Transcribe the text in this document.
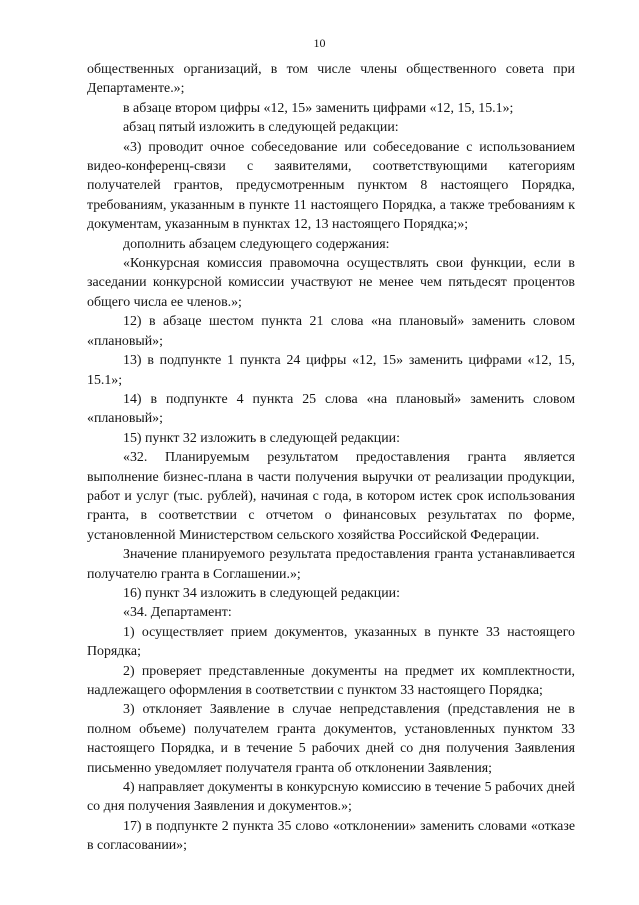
10

общественных организаций, в том числе члены общественного совета при Департаменте.»;

в абзаце втором цифры «12, 15» заменить цифрами «12, 15, 15.1»;

абзац пятый изложить в следующей редакции:

«3) проводит очное собеседование или собеседование с использованием видео-конференц-связи с заявителями, соответствующими категориям получателей грантов, предусмотренным пунктом 8 настоящего Порядка, требованиям, указанным в пункте 11 настоящего Порядка, а также требованиям к документам, указанным в пунктах 12, 13 настоящего Порядка;»;

дополнить абзацем следующего содержания:

«Конкурсная комиссия правомочна осуществлять свои функции, если в заседании конкурсной комиссии участвуют не менее чем пятьдесят процентов общего числа ее членов.»;

12) в абзаце шестом пункта 21 слова «на плановый» заменить словом «плановый»;

13) в подпункте 1 пункта 24 цифры «12, 15» заменить цифрами «12, 15, 15.1»;

14) в подпункте 4 пункта 25 слова «на плановый» заменить словом «плановый»;

15) пункт 32 изложить в следующей редакции:

«32. Планируемым результатом предоставления гранта является выполнение бизнес-плана в части получения выручки от реализации продукции, работ и услуг (тыс. рублей), начиная с года, в котором истек срок использования гранта, в соответствии с отчетом о финансовых результатах по форме, установленной Министерством сельского хозяйства Российской Федерации.

Значение планируемого результата предоставления гранта устанавливается получателю гранта в Соглашении.»;

16) пункт 34 изложить в следующей редакции:

«34. Департамент:

1) осуществляет прием документов, указанных в пункте 33 настоящего Порядка;

2) проверяет представленные документы на предмет их комплектности, надлежащего оформления в соответствии с пунктом 33 настоящего Порядка;

3) отклоняет Заявление в случае непредставления (представления не в полном объеме) получателем гранта документов, установленных пунктом 33 настоящего Порядка, и в течение 5 рабочих дней со дня получения Заявления письменно уведомляет получателя гранта об отклонении Заявления;

4) направляет документы в конкурсную комиссию в течение 5 рабочих дней со дня получения Заявления и документов.»;

17) в подпункте 2 пункта 35 слово «отклонении» заменить словами «отказе в согласовании»;
